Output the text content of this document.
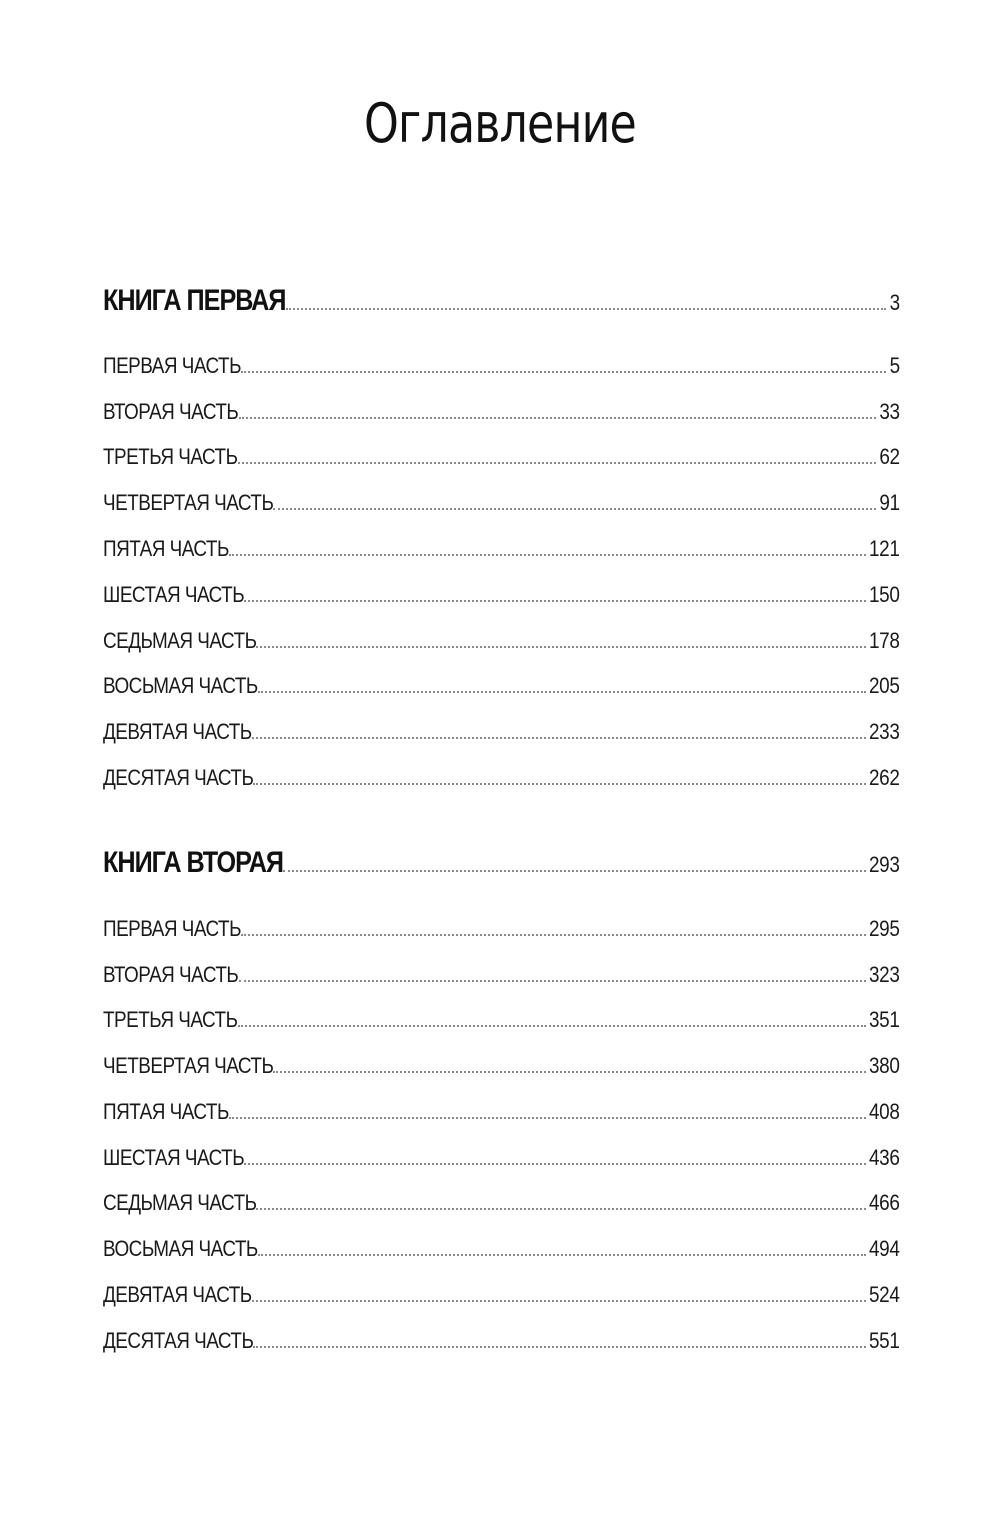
Оглавление
КНИГА ПЕРВАЯ	3
ПЕРВАЯ ЧАСТЬ	5
ВТОРАЯ ЧАСТЬ	33
ТРЕТЬЯ ЧАСТЬ	62
ЧЕТВЕРТАЯ ЧАСТЬ	91
ПЯТАЯ ЧАСТЬ	121
ШЕСТАЯ ЧАСТЬ	150
СЕДЬМАЯ ЧАСТЬ	178
ВОСЬМАЯ ЧАСТЬ	205
ДЕВЯТАЯ ЧАСТЬ	233
ДЕСЯТАЯ ЧАСТЬ	262
КНИГА ВТОРАЯ	293
ПЕРВАЯ ЧАСТЬ	295
ВТОРАЯ ЧАСТЬ	323
ТРЕТЬЯ ЧАСТЬ	351
ЧЕТВЕРТАЯ ЧАСТЬ	380
ПЯТАЯ ЧАСТЬ	408
ШЕСТАЯ ЧАСТЬ	436
СЕДЬМАЯ ЧАСТЬ	466
ВОСЬМАЯ ЧАСТЬ	494
ДЕВЯТАЯ ЧАСТЬ	524
ДЕСЯТАЯ ЧАСТЬ	551
